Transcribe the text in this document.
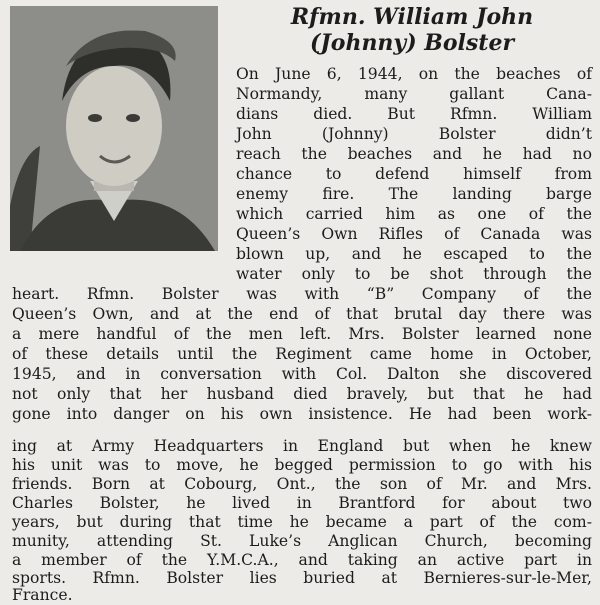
Rfmn. William John
(Johnny) Bolster

On June 6, 1944, on the beaches of

Normandy, many gallant Cana-

dians died. But Rfmn. William

John (Johnny) Bolster didn’t

reach the beaches and he had no

chance to defend himself from

enemy fire. The landing barge

which carried him as one of the

Queen’s Own Rifles of Canada was

blown up, and he escaped to the

water only to be shot through the

heart. Rfmn. Bolster was with “B” Company of the

Queen’s Own, and at the end of that brutal day there was

a mere handful of the men left. Mrs. Bolster learned none

of these details until the Regiment came home in October,

1945, and in conversation with Col. Dalton she discovered

not only that her husband died bravely, but that he had

gone into danger on his own insistence. He had been work-

ing at Army Headquarters in England but when he knew

his unit was to move, he begged permission to go with his

friends. Born at Cobourg, Ont., the son of Mr. and Mrs.

Charles Bolster, he lived in Brantford for about two

years, but during that time he became a part of the com-

munity, attending St. Luke’s Anglican Church, becoming

a member of the Y.M.C.A., and taking an active part in

sports. Rfmn. Bolster lies buried at Bernieres-sur-le-Mer,

France.
